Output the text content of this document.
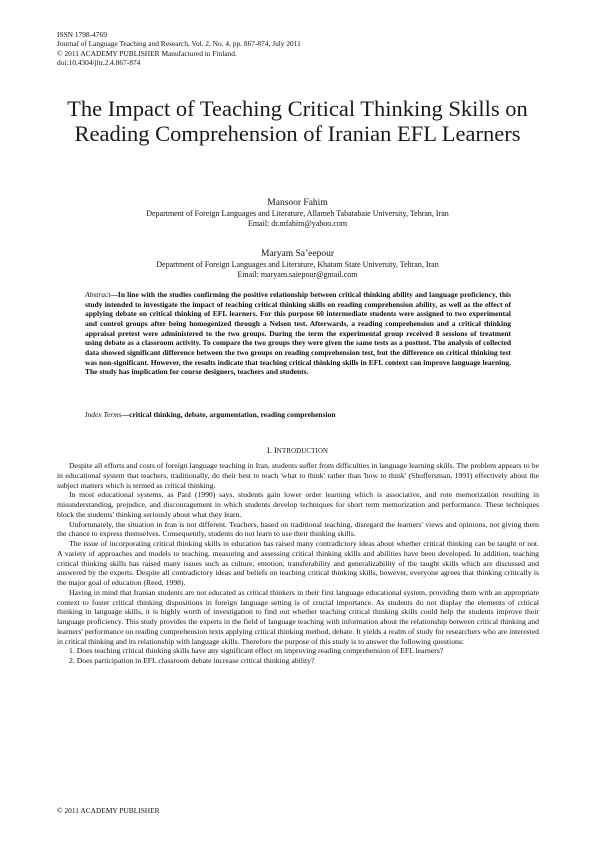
ISSN 1798-4769
Journal of Language Teaching and Research, Vol. 2, No. 4, pp. 867-874, July 2011
© 2011 ACADEMY PUBLISHER Manufactured in Finland.
doi:10.4304/jltr.2.4.867-874
The Impact of Teaching Critical Thinking Skills on Reading Comprehension of Iranian EFL Learners
Mansoor Fahim
Department of Foreign Languages and Literature, Allameh Tabatabaie University, Tehran, Iran
Email: dr.mfahim@yahoo.com
Maryam Sa’eepour
Department of Foreign Languages and Literature, Khatam State University, Tehran, Iran
Email: maryam.saiepour@gmail.com
Abstract—In line with the studies confirming the positive relationship between critical thinking ability and language proficiency, this study intended to investigate the impact of teaching critical thinking skills on reading comprehension ability, as well as the effect of applying debate on critical thinking of EFL learners. For this purpose 60 intermediate students were assigned to two experimental and control groups after being homogenized through a Nelson test. Afterwards, a reading comprehension and a critical thinking appraisal pretest were administered to the two groups. During the term the experimental group received 8 sessions of treatment using debate as a classroom activity. To compare the two groups they were given the same tests as a posttest. The analysis of collected data showed significant difference between the two groups on reading comprehension test, but the difference on critical thinking test was non-significant. However, the results indicate that teaching critical thinking skills in EFL context can improve language learning. The study has implication for course designers, teachers and students.
Index Terms—critical thinking, debate, argumentation, reading comprehension
I. INTRODUCTION

Despite all efforts and costs of foreign language teaching in Iran, students suffer from difficulties in language learning skills. The problem appears to be in educational system that teachers, traditionally, do their best to teach 'what to think' rather than 'how to think' (Shuffersman, 1991) effectively about the subject matters which is termed as critical thinking.

In most educational systems, as Paul (1990) says, students gain lower order learning which is associative, and rote memorization resulting in misunderstanding, prejudice, and discouragement in which students develop techniques for short term memorization and performance. These techniques block the students' thinking seriously about what they learn.

Unfortunately, the situation in Iran is not different. Teachers, based on traditional teaching, disregard the learners' views and opinions, not giving them the chance to express themselves. Consequently, students do not learn to use their thinking skills.

The issue of incorporating critical thinking skills in education has raised many contradictory ideas about whether critical thinking can be taught or not. A variety of approaches and models to teaching, measuring and assessing critical thinking skills and abilities have been developed. In addition, teaching critical thinking skills has raised many issues such as culture, emotion, transferability and generalizability of the taught skills which are discussed and answered by the experts. Despite all contradictory ideas and beliefs on teaching critical thinking skills, however, everyone agrees that thinking critically is the major goal of education (Reed, 1998).

Having in mind that Iranian students are not educated as critical thinkers in their first language educational system, providing them with an appropriate context to foster critical thinking dispositions in foreign language setting is of crucial importance. As students do not display the elements of critical thinking in language skills, it is highly worth of investigation to find out whether teaching critical thinking skills could help the students improve their language proficiency. This study provides the experts in the field of language teaching with information about the relationship between critical thinking and learners' performance on reading comprehension texts applying critical thinking method, debate. It yields a realm of study for researchers who are interested in critical thinking and its relationship with language skills. Therefore the purpose of this study is to answer the following questions:

1. Does teaching critical thinking skills have any significant effect on improving reading comprehension of EFL learners?

2. Does participation in EFL classroom debate increase critical thinking ability?

© 2011 ACADEMY PUBLISHER
